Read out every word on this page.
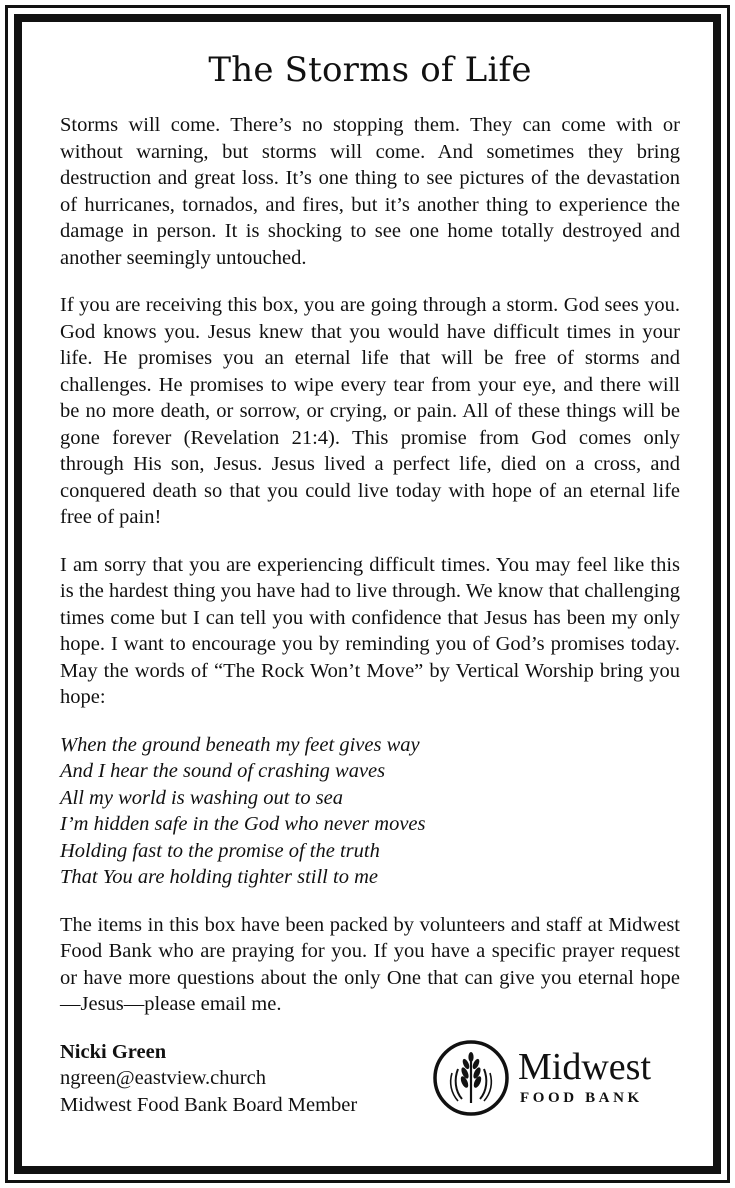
The Storms of Life

Storms will come. There’s no stopping them. They can come with or without warning, but storms will come. And sometimes they bring destruction and great loss. It’s one thing to see pictures of the devastation of hurricanes, tornados, and fires, but it’s another thing to experience the damage in person. It is shocking to see one home totally destroyed and another seemingly untouched.

If you are receiving this box, you are going through a storm. God sees you. God knows you. Jesus knew that you would have difficult times in your life. He promises you an eternal life that will be free of storms and challenges. He promises to wipe every tear from your eye, and there will be no more death, or sorrow, or crying, or pain. All of these things will be gone forever (Revelation 21:4). This promise from God comes only through His son, Jesus. Jesus lived a perfect life, died on a cross, and conquered death so that you could live today with hope of an eternal life free of pain!

I am sorry that you are experiencing difficult times. You may feel like this is the hardest thing you have had to live through. We know that challenging times come but I can tell you with confidence that Jesus has been my only hope. I want to encourage you by reminding you of God’s promises today. May the words of “The Rock Won’t Move” by Vertical Worship bring you hope:

When the ground beneath my feet gives way
And I hear the sound of crashing waves
All my world is washing out to sea
I’m hidden safe in the God who never moves
Holding fast to the promise of the truth
That You are holding tighter still to me

The items in this box have been packed by volunteers and staff at Midwest Food Bank who are praying for you. If you have a specific prayer request or have more questions about the only One that can give you eternal hope—Jesus—please email me.

Nicki Green
ngreen@eastview.church
Midwest Food Bank Board Member
Midwest
FOOD BANK
